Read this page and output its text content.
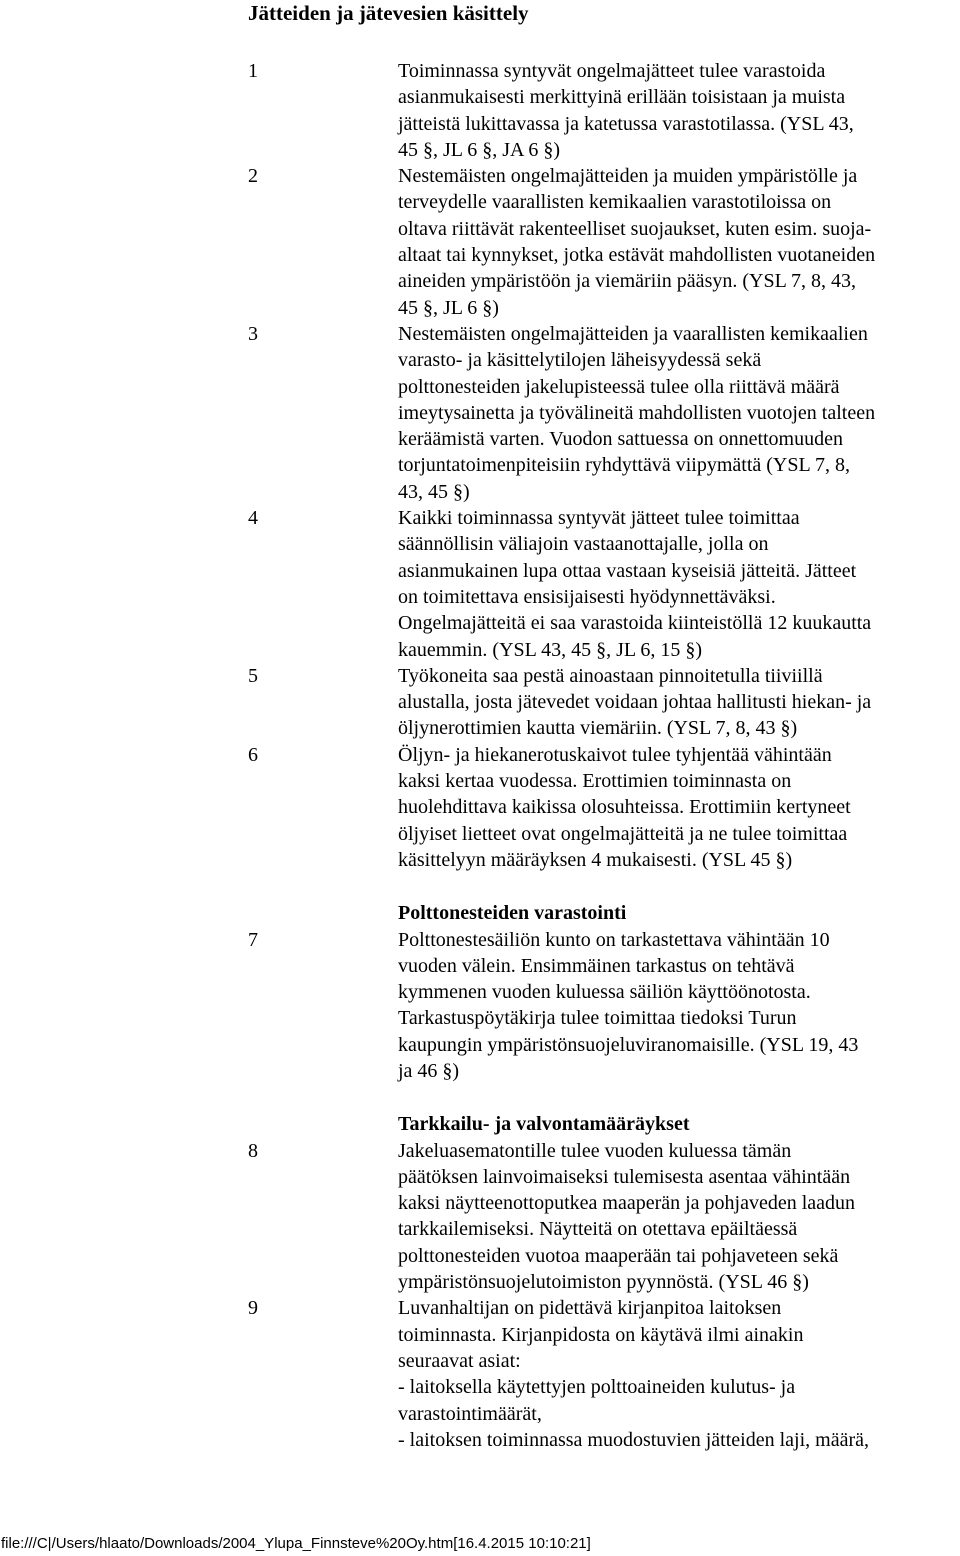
Jätteiden ja jätevesien käsittely
1	Toiminnassa syntyvät ongelmajätteet tulee varastoida
asianmukaisesti merkittyinä erillään toisistaan ja muista
jätteistä lukittavassa ja katetussa varastotilassa. (YSL 43,
45 §, JL 6 §, JA 6 §)
2	Nestemäisten ongelmajätteiden ja muiden ympäristölle ja
terveydelle vaarallisten kemikaalien varastotiloissa on
oltava riittävät rakenteelliset suojaukset, kuten esim. suoja-
altaat tai kynnykset, jotka estävät mahdollisten vuotaneiden
aineiden ympäristöön ja viemäriin pääsyn. (YSL 7, 8, 43,
45 §, JL 6 §)
3	Nestemäisten ongelmajätteiden ja vaarallisten kemikaalien
varasto- ja käsittelytilojen läheisyydessä sekä
polttonesteiden jakelupisteessä tulee olla riittävä määrä
imeytysainetta ja työvälineitä mahdollisten vuotojen talteen
keräämistä varten. Vuodon sattuessa on onnettomuuden
torjuntatoimenpiteisiin ryhdyttävä viipymättä (YSL 7, 8,
43, 45 §)
4	Kaikki toiminnassa syntyvät jätteet tulee toimittaa
säännöllisin väliajoin vastaanottajalle, jolla on
asianmukainen lupa ottaa vastaan kyseisiä jätteitä. Jätteet
on toimitettava ensisijaisesti hyödynnettäväksi.
Ongelmajätteitä ei saa varastoida kiinteistöllä 12 kuukautta
kauemmin. (YSL 43, 45 §, JL 6, 15 §)
5	Työkoneita saa pestä ainoastaan pinnoitetulla tiiviillä
alustalla, josta jätevedet voidaan johtaa hallitusti hiekan- ja
öljynerottimien kautta viemäriin. (YSL 7, 8, 43 §)
6	Öljyn- ja hiekanerotuskaivot tulee tyhjentää vähintään
kaksi kertaa vuodessa. Erottimien toiminnasta on
huolehdittava kaikissa olosuhteissa. Erottimiin kertyneet
öljyiset lietteet ovat ongelmajätteitä ja ne tulee toimittaa
käsittelyyn määräyksen 4 mukaisesti. (YSL 45 §)
Polttonesteiden varastointi
7	Polttonestesäiliön kunto on tarkastettava vähintään 10
vuoden välein. Ensimmäinen tarkastus on tehtävä
kymmenen vuoden kuluessa säiliön käyttöönotosta.
Tarkastuspöytäkirja tulee toimittaa tiedoksi Turun
kaupungin ympäristönsuojeluviranomaisille. (YSL 19, 43
ja 46 §)
Tarkkailu- ja valvontamääräykset
8	Jakeluasematontille tulee vuoden kuluessa tämän
päätöksen lainvoimaiseksi tulemisesta asentaa vähintään
kaksi näytteenottoputkea maaperän ja pohjaveden laadun
tarkkailemiseksi. Näytteitä on otettava epäiltäessä
polttonesteiden vuotoa maaperään tai pohjaveteen sekä
ympäristönsuojelutoimiston pyynnöstä. (YSL 46 §)
9	Luvanhaltijan on pidettävä kirjanpitoa laitoksen
toiminnasta. Kirjanpidosta on käytävä ilmi ainakin
seuraavat asiat:
- laitoksella käytettyjen polttoaineiden kulutus- ja
varastointimäärät,
- laitoksen toiminnassa muodostuvien jätteiden laji, määrä,
file:///C|/Users/hlaato/Downloads/2004_Ylupa_Finnsteve%20Oy.htm[16.4.2015 10:10:21]
